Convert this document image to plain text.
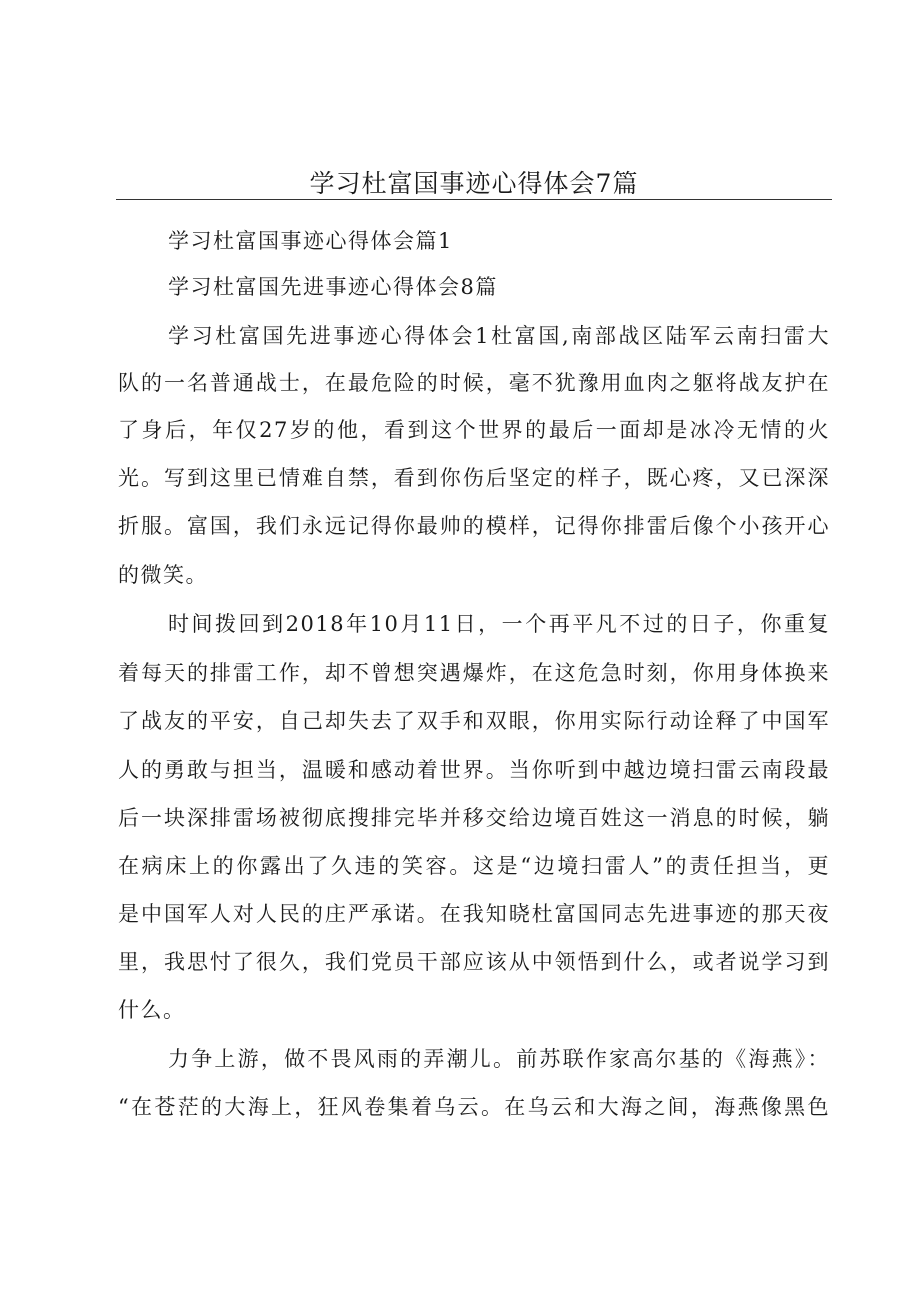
学习杜富国事迹心得体会7篇

学习杜富国事迹心得体会篇1

学习杜富国先进事迹心得体会8篇

学习杜富国先进事迹心得体会1杜富国,南部战区陆军云南扫雷大

队的一名普通战士，在最危险的时候，毫不犹豫用血肉之躯将战友护在

了身后，年仅27岁的他，看到这个世界的最后一面却是冰冷无情的火

光。写到这里已情难自禁，看到你伤后坚定的样子，既心疼，又已深深

折服。富国，我们永远记得你最帅的模样，记得你排雷后像个小孩开心

的微笑。

时间拨回到2018年10月11日，一个再平凡不过的日子，你重复

着每天的排雷工作，却不曾想突遇爆炸，在这危急时刻，你用身体换来

了战友的平安，自己却失去了双手和双眼，你用实际行动诠释了中国军

人的勇敢与担当，温暖和感动着世界。当你听到中越边境扫雷云南段最

后一块深排雷场被彻底搜排完毕并移交给边境百姓这一消息的时候，躺

在病床上的你露出了久违的笑容。这是“边境扫雷人”的责任担当，更

是中国军人对人民的庄严承诺。在我知晓杜富国同志先进事迹的那天夜

里，我思忖了很久，我们党员干部应该从中领悟到什么，或者说学习到

什么。

力争上游，做不畏风雨的弄潮儿。前苏联作家高尔基的《海燕》：

“在苍茫的大海上，狂风卷集着乌云。在乌云和大海之间，海燕像黑色
